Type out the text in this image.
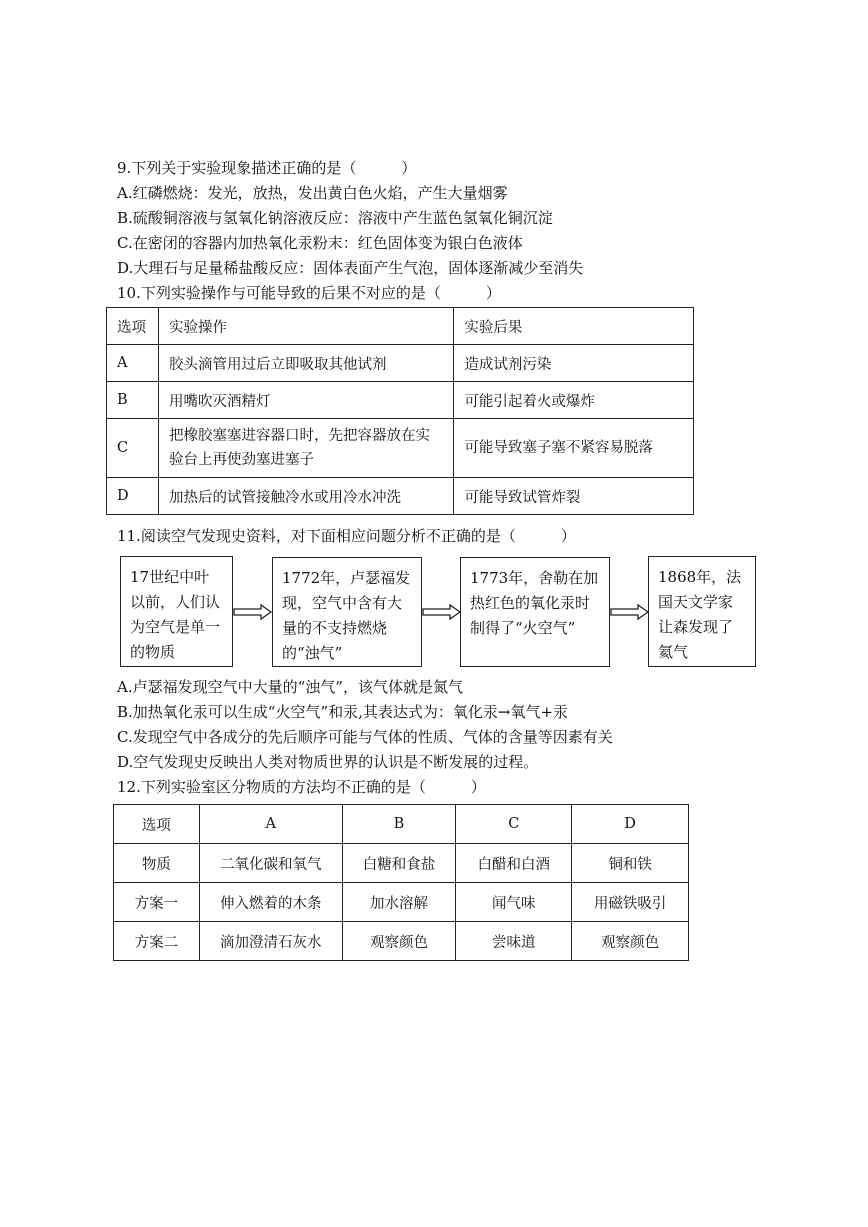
9.下列关于实验现象描述正确的是（　　　）
A.红磷燃烧：发光，放热，发出黄白色火焰，产生大量烟雾
B.硫酸铜溶液与氢氧化钠溶液反应：溶液中产生蓝色氢氧化铜沉淀
C.在密闭的容器内加热氧化汞粉末：红色固体变为银白色液体
D.大理石与足量稀盐酸反应：固体表面产生气泡，固体逐渐减少至消失
10.下列实验操作与可能导致的后果不对应的是（　　　）
选项	实验操作	实验后果
A	胶头滴管用过后立即吸取其他试剂	造成试剂污染
B	用嘴吹灭酒精灯	可能引起着火或爆炸
C	把橡胶塞塞进容器口时，先把容器放在实验台上再使劲塞进塞子	可能导致塞子塞不紧容易脱落
D	加热后的试管接触冷水或用冷水冲洗	可能导致试管炸裂
11.阅读空气发现史资料，对下面相应问题分析不正确的是（　　　）
17世纪中叶以前，人们认为空气是单一的物质
1772年，卢瑟福发现，空气中含有大量的不支持燃烧的“浊气”
1773年，舍勒在加热红色的氧化汞时制得了“火空气”
1868年，法国天文学家让森发现了氦气
A.卢瑟福发现空气中大量的“浊气”，该气体就是氮气
B.加热氧化汞可以生成“火空气”和汞,其表达式为：氧化汞→氧气+汞
C.发现空气中各成分的先后顺序可能与气体的性质、气体的含量等因素有关
D.空气发现史反映出人类对物质世界的认识是不断发展的过程。
12.下列实验室区分物质的方法均不正确的是（　　　）
选项	A	B	C	D
物质	二氧化碳和氧气	白糖和食盐	白醋和白酒	铜和铁
方案一	伸入燃着的木条	加水溶解	闻气味	用磁铁吸引
方案二	滴加澄清石灰水	观察颜色	尝味道	观察颜色
